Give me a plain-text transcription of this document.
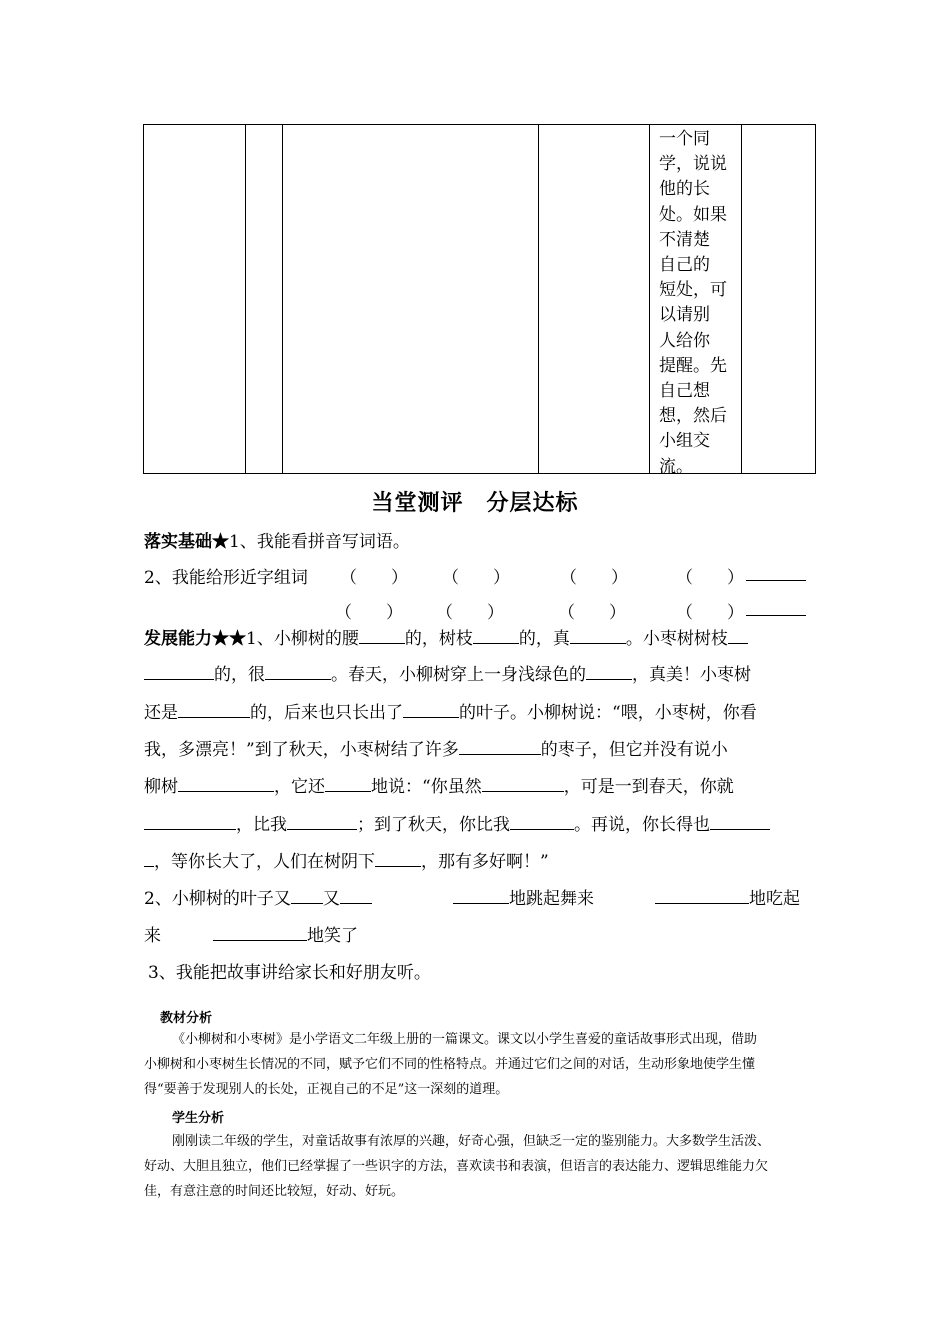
一个同
学，说说
他的长
处。如果
不清楚
自己的
短处，可
以请别
人给你
提醒。先
自己想
想，然后
小组交
流。
当堂测评　分层达标
落实基础★1、我能看拼音写词语。
2、我能给形近字组词 （　　） （　　）	（　　）	（　　）
（　　） （　　）	（　　）	（　　）
发展能力★★1、小柳树的腰	的，树枝	的，真	。小枣树树枝
的，很	。春天，小柳树穿上一身浅绿色的	，真美！小枣树
还是	的，后来也只长出了	的叶子。小柳树说：“喂，小枣树，你看
我，多漂亮！”到了秋天，小枣树结了许多	的枣子，但它并没有说小
柳树	，它还	地说：“你虽然	，可是一到春天，你就
，比我	；到了秋天，你比我	。再说，你长得也
，等你长大了，人们在树阴下	，那有多好啊！”
2、小柳树的叶子又 又	地跳起舞来	地吃起
来	地笑了
3、我能把故事讲给家长和好朋友听。
教材分析
《小柳树和小枣树》是小学语文二年级上册的一篇课文。课文以小学生喜爱的童话故事形式出现，借助
小柳树和小枣树生长情况的不同，赋予它们不同的性格特点。并通过它们之间的对话，生动形象地使学生懂
得“要善于发现别人的长处，正视自己的不足”这一深刻的道理。
学生分析
刚刚读二年级的学生，对童话故事有浓厚的兴趣，好奇心强，但缺乏一定的鉴别能力。大多数学生活泼、
好动、大胆且独立，他们已经掌握了一些识字的方法，喜欢读书和表演，但语言的表达能力、逻辑思维能力欠
佳，有意注意的时间还比较短，好动、好玩。
